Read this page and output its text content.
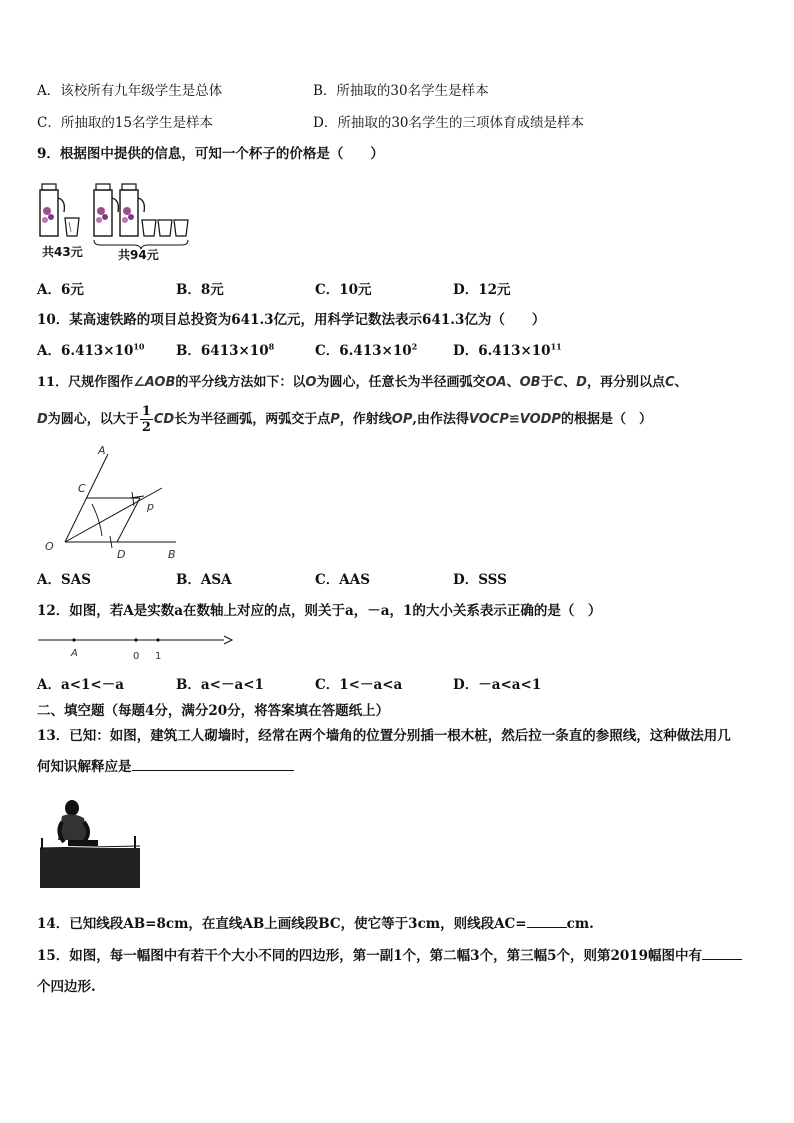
A．该校所有九年级学生是总体	B．所抽取的30名学生是样本
C．所抽取的15名学生是样本	D．所抽取的30名学生的三项体育成绩是样本
9．根据图中提供的信息，可知一个杯子的价格是（　　）
共43元	共94元
A．6元	B．8元	C．10元	D．12元
10．某高速铁路的项目总投资为641.3亿元，用科学记数法表示641.3亿为（　　）
A．$6.413\times 10^{10}$ B．$6413\times 10^8$	C．$6.413\times 10^2$	D．$6.413\times 10^{11}$
11．尺规作图作∠AOB的平分线方法如下：以O为圆心，任意长为半径画弧交OA、OB于C、D，再分别以点C、
D为圆心，以大于 $\frac{1}{2}$ CD长为半径画弧，两弧交于点P，作射线OP,由作法得VOCP≌VODP的根据是（　）
A
C
p
O
D	B
A．SAS	B．ASA	C．AAS	D．SSS
12．如图，若A是实数a在数轴上对应的点，则关于a，－a，1的大小关系表示正确的是（　）
A	0 1
A．a<1<－a	B．a<－a<1	C．1<－a<a	D．－a<a<1
二、填空题（每题4分，满分20分，将答案填在答题纸上）
13．已知：如图，建筑工人砌墙时，经常在两个墙角的位置分别插一根木桩，然后拉一条直的参照线，这种做法用几
何知识解释应是
14．已知线段AB=8cm，在直线AB上画线段BC，使它等于3cm，则线段AC=	cm.
15．如图，每一幅图中有若干个大小不同的四边形，第一副1个，第二幅3个，第三幅5个，则第2019幅图中有
个四边形.
